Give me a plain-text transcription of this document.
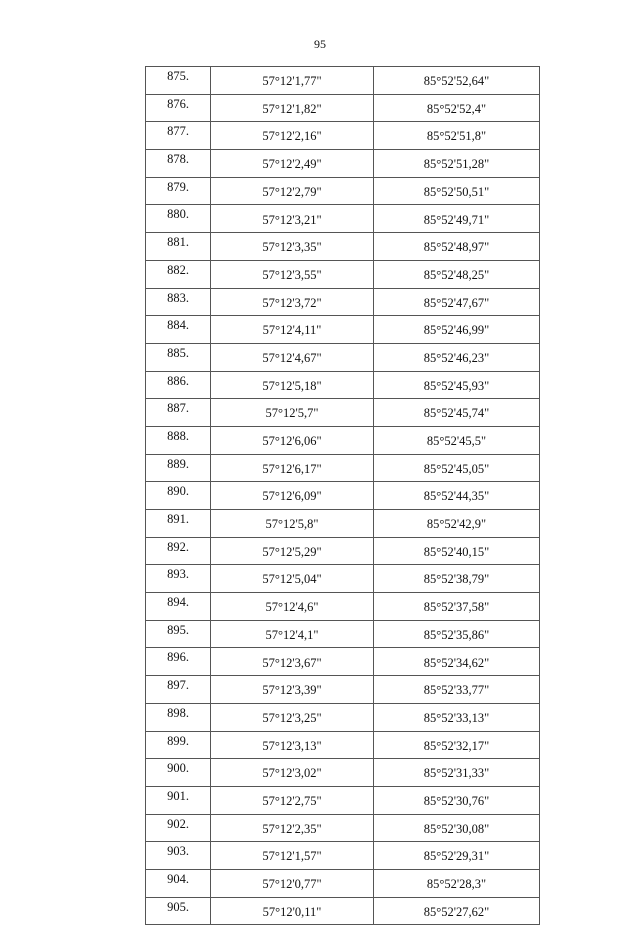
95
875.	57°12'1,77"	85°52'52,64"
876.	57°12'1,82"	85°52'52,4"
877.	57°12'2,16"	85°52'51,8"
878.	57°12'2,49"	85°52'51,28"
879.	57°12'2,79"	85°52'50,51"
880.	57°12'3,21"	85°52'49,71"
881.	57°12'3,35"	85°52'48,97"
882.	57°12'3,55"	85°52'48,25"
883.	57°12'3,72"	85°52'47,67"
884.	57°12'4,11"	85°52'46,99"
885.	57°12'4,67"	85°52'46,23"
886.	57°12'5,18"	85°52'45,93"
887.	57°12'5,7"	85°52'45,74"
888.	57°12'6,06"	85°52'45,5"
889.	57°12'6,17"	85°52'45,05"
890.	57°12'6,09"	85°52'44,35"
891.	57°12'5,8"	85°52'42,9"
892.	57°12'5,29"	85°52'40,15"
893.	57°12'5,04"	85°52'38,79"
894.	57°12'4,6"	85°52'37,58"
895.	57°12'4,1"	85°52'35,86"
896.	57°12'3,67"	85°52'34,62"
897.	57°12'3,39"	85°52'33,77"
898.	57°12'3,25"	85°52'33,13"
899.	57°12'3,13"	85°52'32,17"
900.	57°12'3,02"	85°52'31,33"
901.	57°12'2,75"	85°52'30,76"
902.	57°12'2,35"	85°52'30,08"
903.	57°12'1,57"	85°52'29,31"
904.	57°12'0,77"	85°52'28,3"
905.	57°12'0,11"	85°52'27,62"
